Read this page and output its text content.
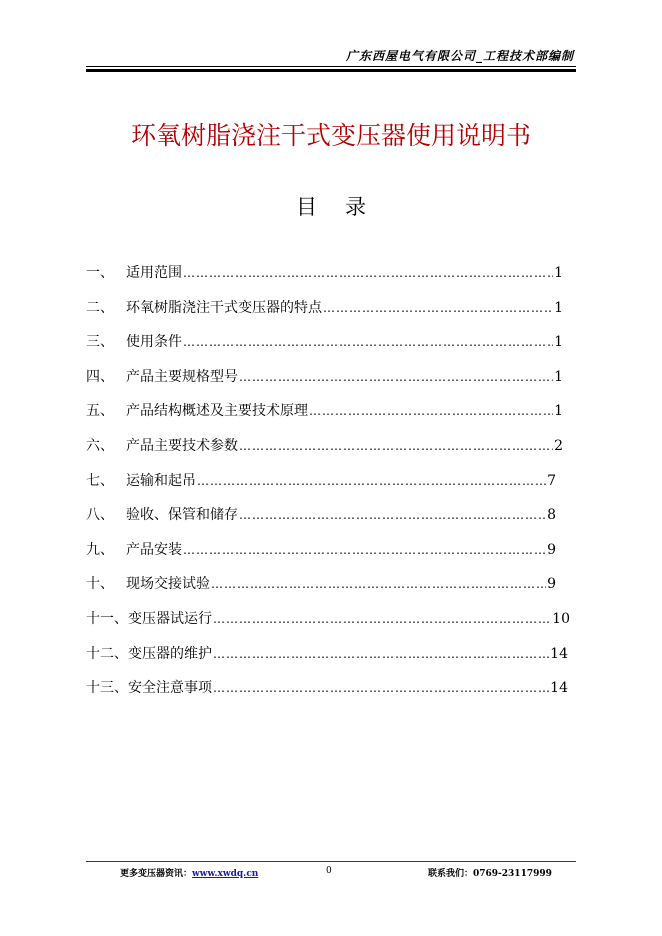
广东西屋电气有限公司_工程技术部编制
环氧树脂浇注干式变压器使用说明书
目录
一、 适用范围 ……………………………………………………………………………………………………………………	1
二、 环氧树脂浇注干式变压器的特点 ……………………………………………………………………………………………………………………	1
三、 使用条件 ……………………………………………………………………………………………………………………	1
四、 产品主要规格型号 ……………………………………………………………………………………………………………………	1
五、 产品结构概述及主要技术原理 ……………………………………………………………………………………………………………………	1
六、 产品主要技术参数 ……………………………………………………………………………………………………………………	2
七、 运输和起吊 ……………………………………………………………………………………………………………………	7
八、 验收、保管和储存 ……………………………………………………………………………………………………………………	8
九、 产品安装 ……………………………………………………………………………………………………………………	9
十、 现场交接试验 ……………………………………………………………………………………………………………………	9
十一、 变压器试运行 ……………………………………………………………………………………………………………………	10
十二、 变压器的维护 ……………………………………………………………………………………………………………………	14
十三、 安全注意事项 ……………………………………………………………………………………………………………………	14
更多变压器资讯：www.xwdq.cn	0	联系我们：0769-23117999
